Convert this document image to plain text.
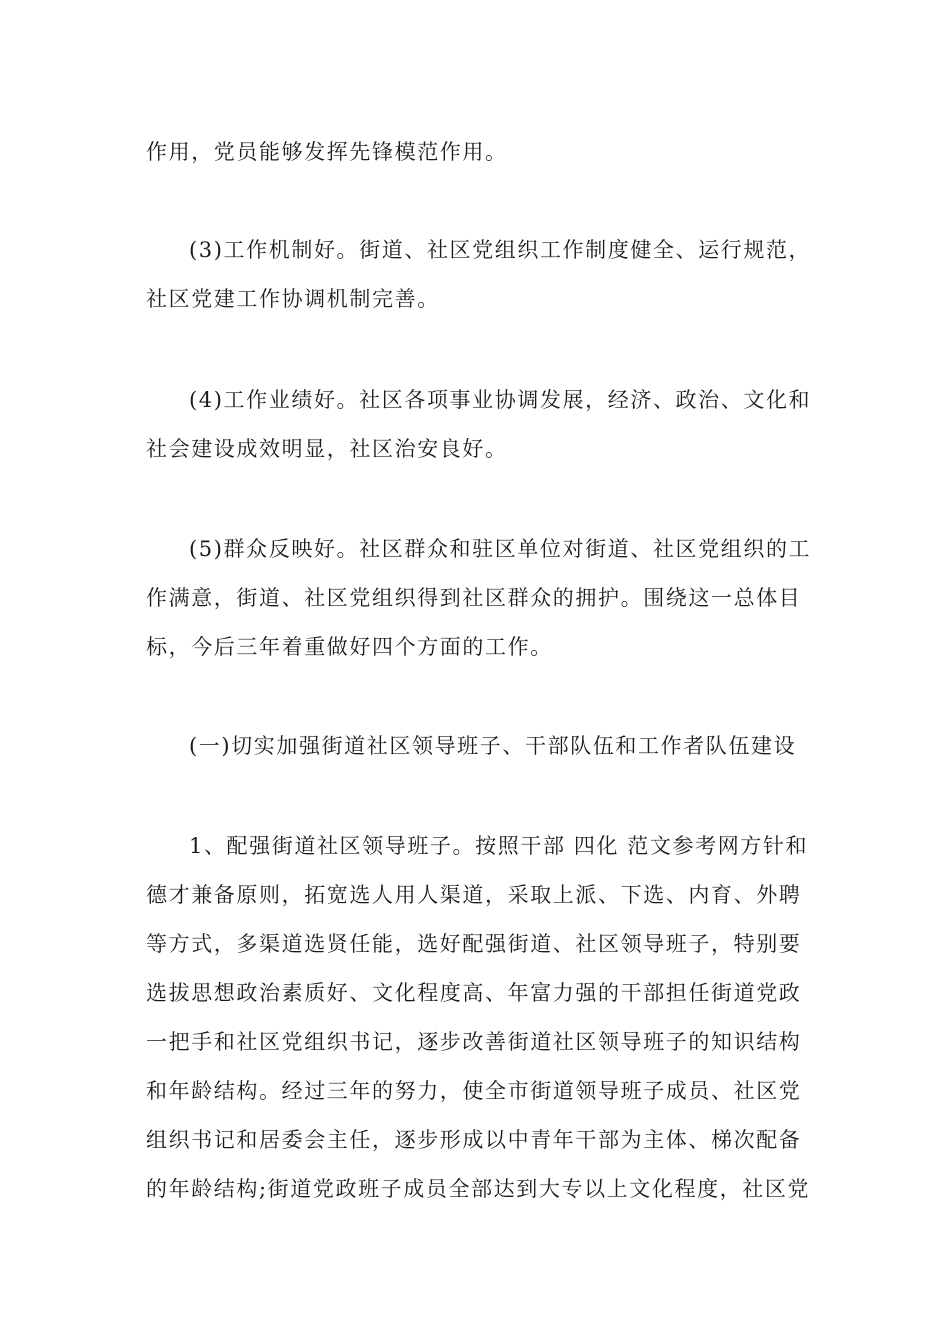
作用，党员能够发挥先锋模范作用。
(3)工作机制好。街道、社区党组织工作制度健全、运行规范，
社区党建工作协调机制完善。
(4)工作业绩好。社区各项事业协调发展，经济、政治、文化和
社会建设成效明显，社区治安良好。
(5)群众反映好。社区群众和驻区单位对街道、社区党组织的工
作满意，街道、社区党组织得到社区群众的拥护。围绕这一总体目
标，今后三年着重做好四个方面的工作。
(一)切实加强街道社区领导班子、干部队伍和工作者队伍建设
1、配强街道社区领导班子。按照干部 四化 范文参考网方针和
德才兼备原则，拓宽选人用人渠道，采取上派、下选、内育、外聘
等方式，多渠道选贤任能，选好配强街道、社区领导班子，特别要
选拔思想政治素质好、文化程度高、年富力强的干部担任街道党政
一把手和社区党组织书记，逐步改善街道社区领导班子的知识结构
和年龄结构。经过三年的努力，使全市街道领导班子成员、社区党
组织书记和居委会主任，逐步形成以中青年干部为主体、梯次配备
的年龄结构;街道党政班子成员全部达到大专以上文化程度，社区党
